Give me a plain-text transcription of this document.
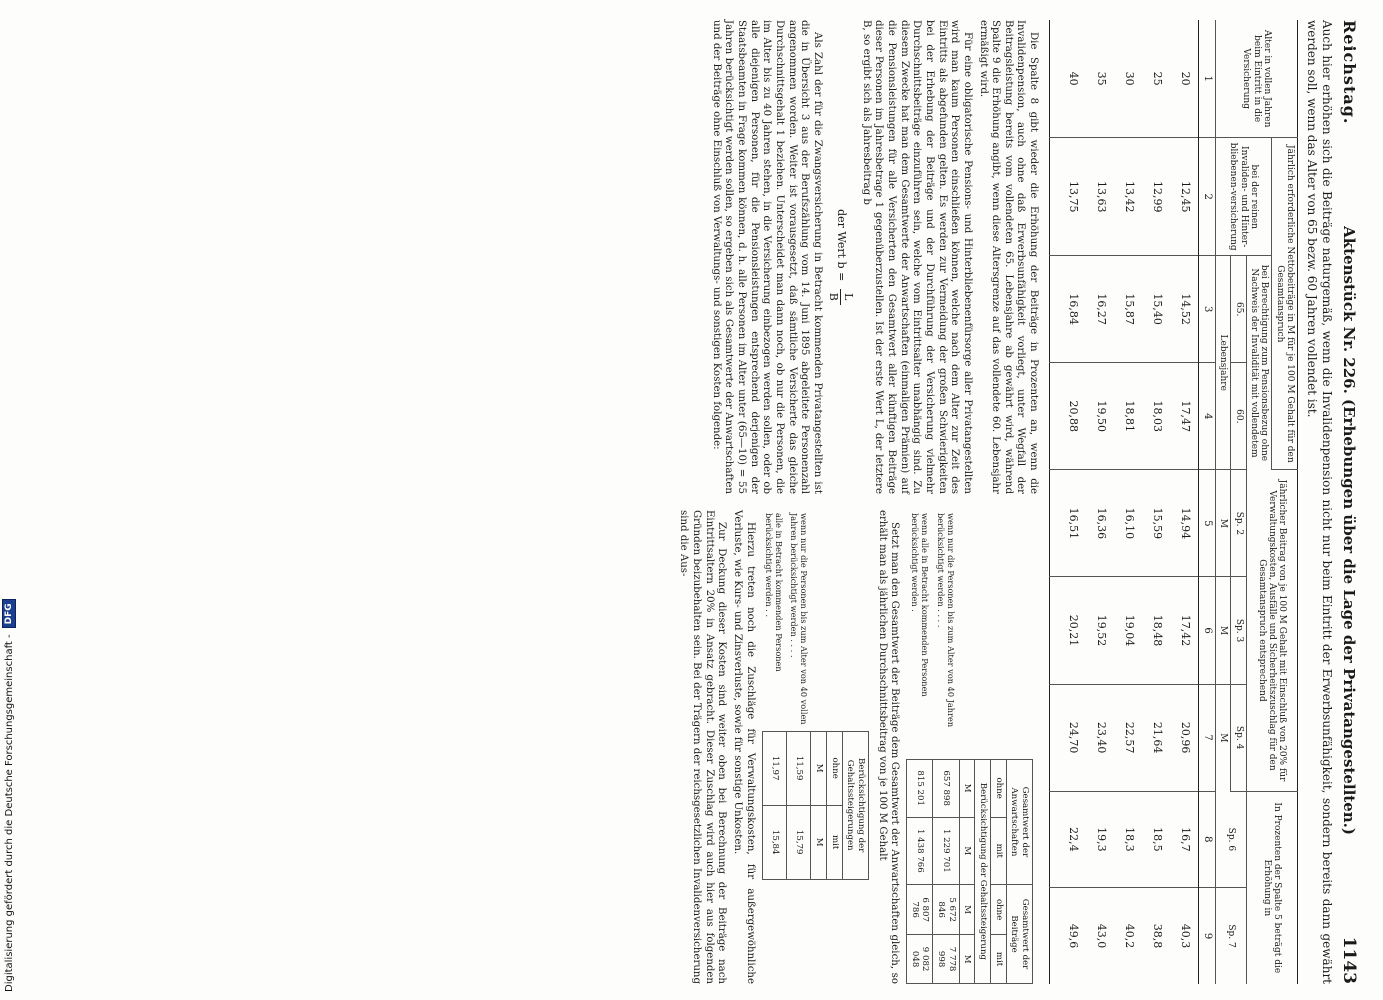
Reichstag.
Aktenstück Nr. 226. (Erhebungen über die Lage der Privatangestellten.)
1143
Auch hier erhöhen sich die Beiträge naturgemäß, wenn die Invalidenpension nicht nur beim Eintritt der Erwerbsunfähigkeit, sondern bereits dann gewährt werden soll, wenn das Alter von 65 bezw. 60 Jahren vollendet ist.
Alter in vollen Jahren beim Eintritt in die Versicherung	Jährlich erforderliche Nettobeiträge in M für je 100 M Gehalt für den Gesamtanspruch			Jährlicher Beitrag von je 100 M Gehalt mit Einschluß von 20% für Verwaltungskosten, Ausfälle und Sicherheitszuschlag für den Gesamtanspruch entsprechend			In Prozenten der Spalte 5 beträgt die Erhöhung in	
	bei der reinen Invaliden- und Hinter-bliebenen-versicherung	bei Berechtigung zum Pensionsbezug ohne Nachweis der Invalidität mit vollendetem						
		65.	60.	Sp. 2	Sp. 3	Sp. 4	Sp. 6	Sp. 7
		Lebensjahre		M	M	M		
1	2	3	4	5	6	7	8	9
20	12,45	14,52	17,47	14,94	17,42	20,96	16,7	40,3
25	12,99	15,40	18,03	15,59	18,48	21,64	18,5	38,8
30	13,42	15,87	18,81	16,10	19,04	22,57	18,3	40,2
35	13,63	16,27	19,50	16,36	19,52	23,40	19,3	43,0
40	13,75	16,84	20,88	16,51	20,21	24,70	22,4	49,6

Die Spalte 8 gibt wieder die Erhöhung der Beiträge in Prozenten an, wenn die Invalidenpension, auch ohne daß Erwerbsunfähigkeit vorliegt, unter Wegfall der Beitragsleistung bereits vom vollendeten 65. Lebensjahre ab gewährt wird, während Spalte 9 die Erhöhung angibt, wenn diese Altersgrenze auf das vollendete 60. Lebensjahr ermäßigt wird.

Für eine obligatorische Pensions- und Hinterbliebenenfürsorge aller Privatangestellten wird man kaum Personen einschließen können, welche nach dem Alter zur Zeit des Eintritts als abgefunden gelten. Es werden zur Vermeidung der großen Schwierigkeiten bei der Erhebung der Beiträge und der Durchführung der Versicherung vielmehr Durchschnittsbeiträge einzuführen sein, welche vom Eintrittsalter unabhängig sind. Zu diesem Zwecke hat man dem Gesamtwerte der Anwartschaften (einmaligen Prämien) auf die Pensionsleistungen für alle Versicherten den Gesamtwert aller künftigen Beiträge dieser Personen im Jahresbetrage 1 gegenüberzustellen. Ist der erste Wert L, der letztere B, so ergibt sich als Jahresbeitrag b

der Wert b =
L
B

Als Zahl der für die Zwangsversicherung in Betracht kommenden Privatangestellten ist die in Übersicht 3 aus der Berufszählung vom 14. Juni 1895 abgeleitete Personenzahl angenommen worden. Weiter ist vorausgesetzt, daß sämtliche Versicherte das gleiche Durchschnittsgehalt 1 beziehen. Unterscheidet man dann noch, ob nur die Personen, die im Alter bis zu 40 Jahren stehen, in die Versicherung einbezogen werden sollen, oder ob alle diejenigen Personen, für die Pensionsleistungen entsprechend derjenigen der Staatsbeamten in Frage kommen können, d. h. alle Personen im Alter unter (65—10) = 55 Jahren berücksichtigt werden sollen, so ergeben sich als Gesamtwerte der Anwartschaften und der Beiträge ohne Einschluß von Verwaltungs- und sonstigen Kosten folgende:

	Gesamtwert der Anwartschaften		Gesamtwert der Beiträge	
	ohne	mit	ohne	mit
	Berücksichtigung der Gehaltssteigerung			
	M	M	M	M
wenn nur die Personen bis zum Alter von 40 Jahren berücksichtigt werden . . . .	657 898	1 229 701	5 672 846	7 778 998
wenn alle in Betracht kommenden Personen berücksichtigt werden .	815 201	1 438 766	6 807 786	9 082 048

Setzt man den Gesamtwert der Beiträge dem Gesamtwert der Anwartschaften gleich, so erhält man als jährlichen Durchschnittsbeitrag von je 100 M Gehalt

	Berücksichtigung der Gehaltssteigerungen	
	ohne	mit
	M	M
wenn nur die Personen bis zum Alter von 40 vollen Jahren berücksichtigt werden . . . .	11,59	15,79
alle in Betracht kommenden Personen berücksichtigt werden . .	11,97	15,84

Hierzu treten noch die Zuschläge für Verwaltungskosten, für außergewöhnliche Verluste, wie Kurs- und Zinsverluste, sowie für sonstige Unkosten.

Zur Deckung dieser Kosten sind weiter oben bei Berechnung der Beiträge nach Eintrittsaltern 20% in Ansatz gebracht. Dieser Zuschlag wird auch hier aus folgenden Gründen beizubehalten sein. Bei der Trägern der reichsgesetzlichen Invalidenversicherung sind die Aus-

Digitalisierung gefördert durch die Deutsche Forschungsgemeinschaft -
DFG
